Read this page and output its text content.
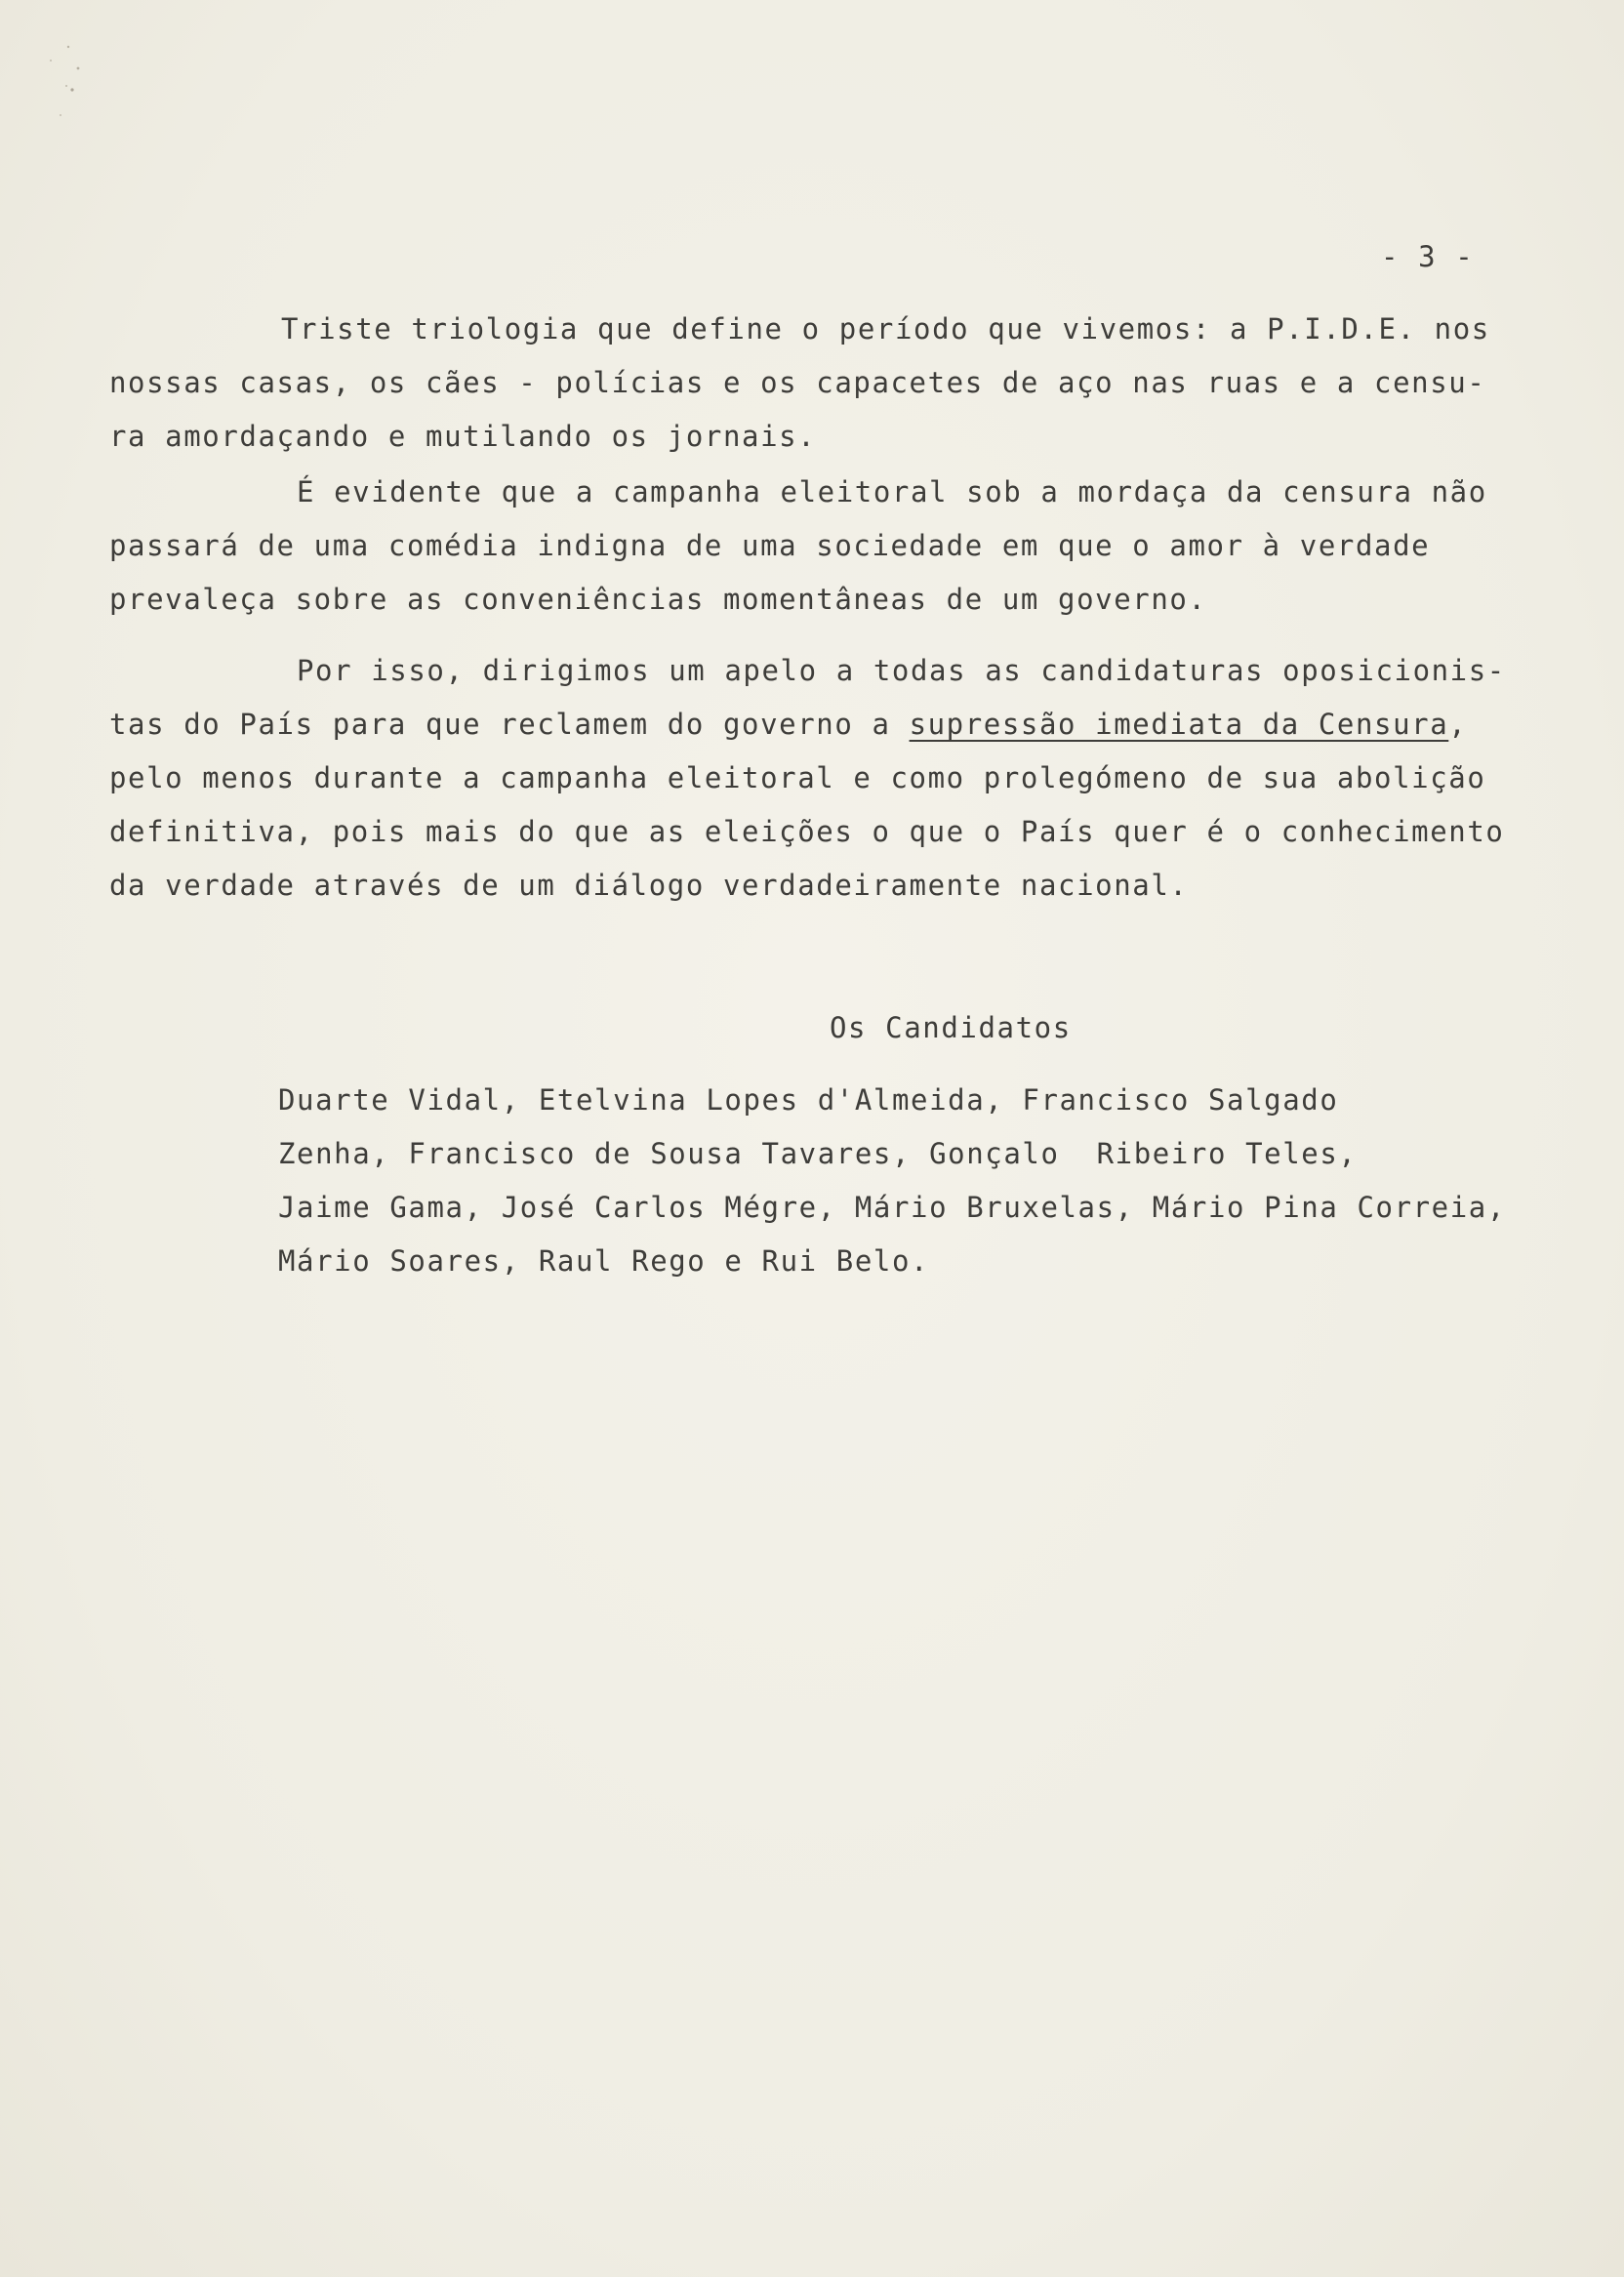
- 3 -
Triste triologia que define o período que vivemos: a P.I.D.E. nos
nossas casas, os cães - polícias e os capacetes de aço nas ruas e a censu-
ra amordaçando e mutilando os jornais.
É evidente que a campanha eleitoral sob a mordaça da censura não
passará de uma comédia indigna de uma sociedade em que o amor à verdade
prevaleça sobre as conveniências momentâneas de um governo.
Por isso, dirigimos um apelo a todas as candidaturas oposicionis-
tas do País para que reclamem do governo a supressão imediata da Censura,
pelo menos durante a campanha eleitoral e como prolegómeno de sua abolição
definitiva, pois mais do que as eleições o que o País quer é o conhecimento
da verdade através de um diálogo verdadeiramente nacional.
Os Candidatos
Duarte Vidal, Etelvina Lopes d'Almeida, Francisco Salgado
Zenha, Francisco de Sousa Tavares, Gonçalo  Ribeiro Teles,
Jaime Gama, José Carlos Mégre, Mário Bruxelas, Mário Pina Correia,
Mário Soares, Raul Rego e Rui Belo.
